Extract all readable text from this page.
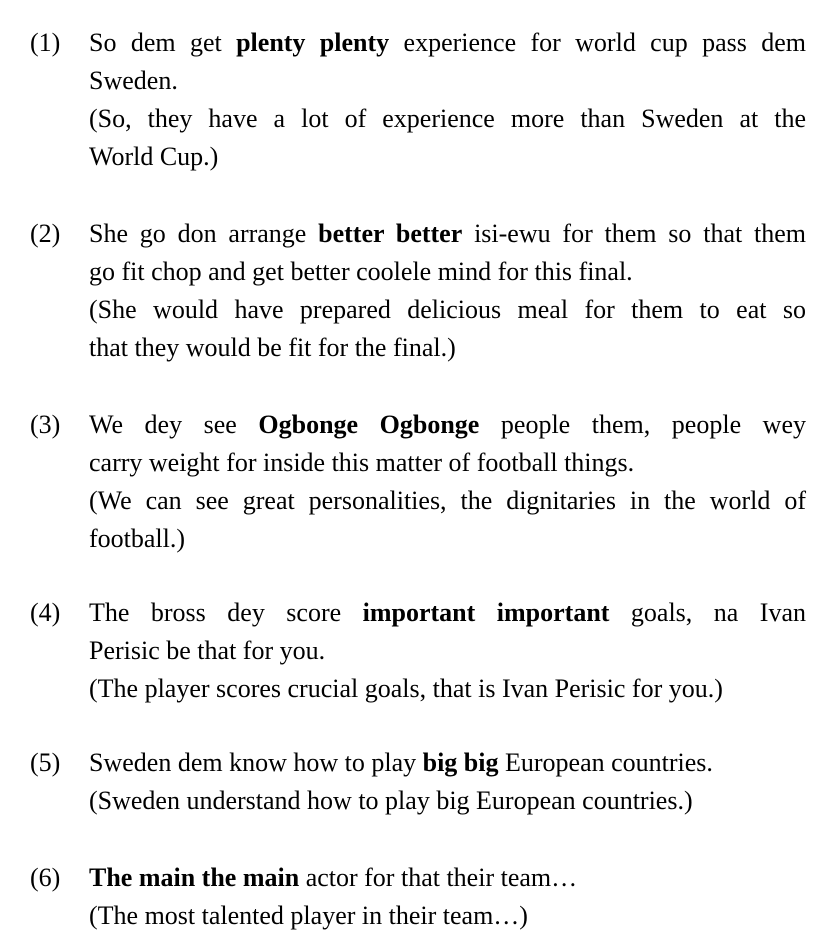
(1) So dem get plenty plenty experience for world cup pass dem
Sweden.
(So, they have a lot of experience more than Sweden at the
World Cup.)
(2) She go don arrange better better isi-ewu for them so that them
go fit chop and get better coolele mind for this final.
(She would have prepared delicious meal for them to eat so
that they would be fit for the final.)
(3) We dey see Ogbonge Ogbonge people them, people wey
carry weight for inside this matter of football things.
(We can see great personalities, the dignitaries in the world of
football.)
(4) The bross dey score important important goals, na Ivan
Perisic be that for you.
(The player scores crucial goals, that is Ivan Perisic for you.)
(5) Sweden dem know how to play big big European countries.
(Sweden understand how to play big European countries.)
(6) The main the main actor for that their team…
(The most talented player in their team…)
